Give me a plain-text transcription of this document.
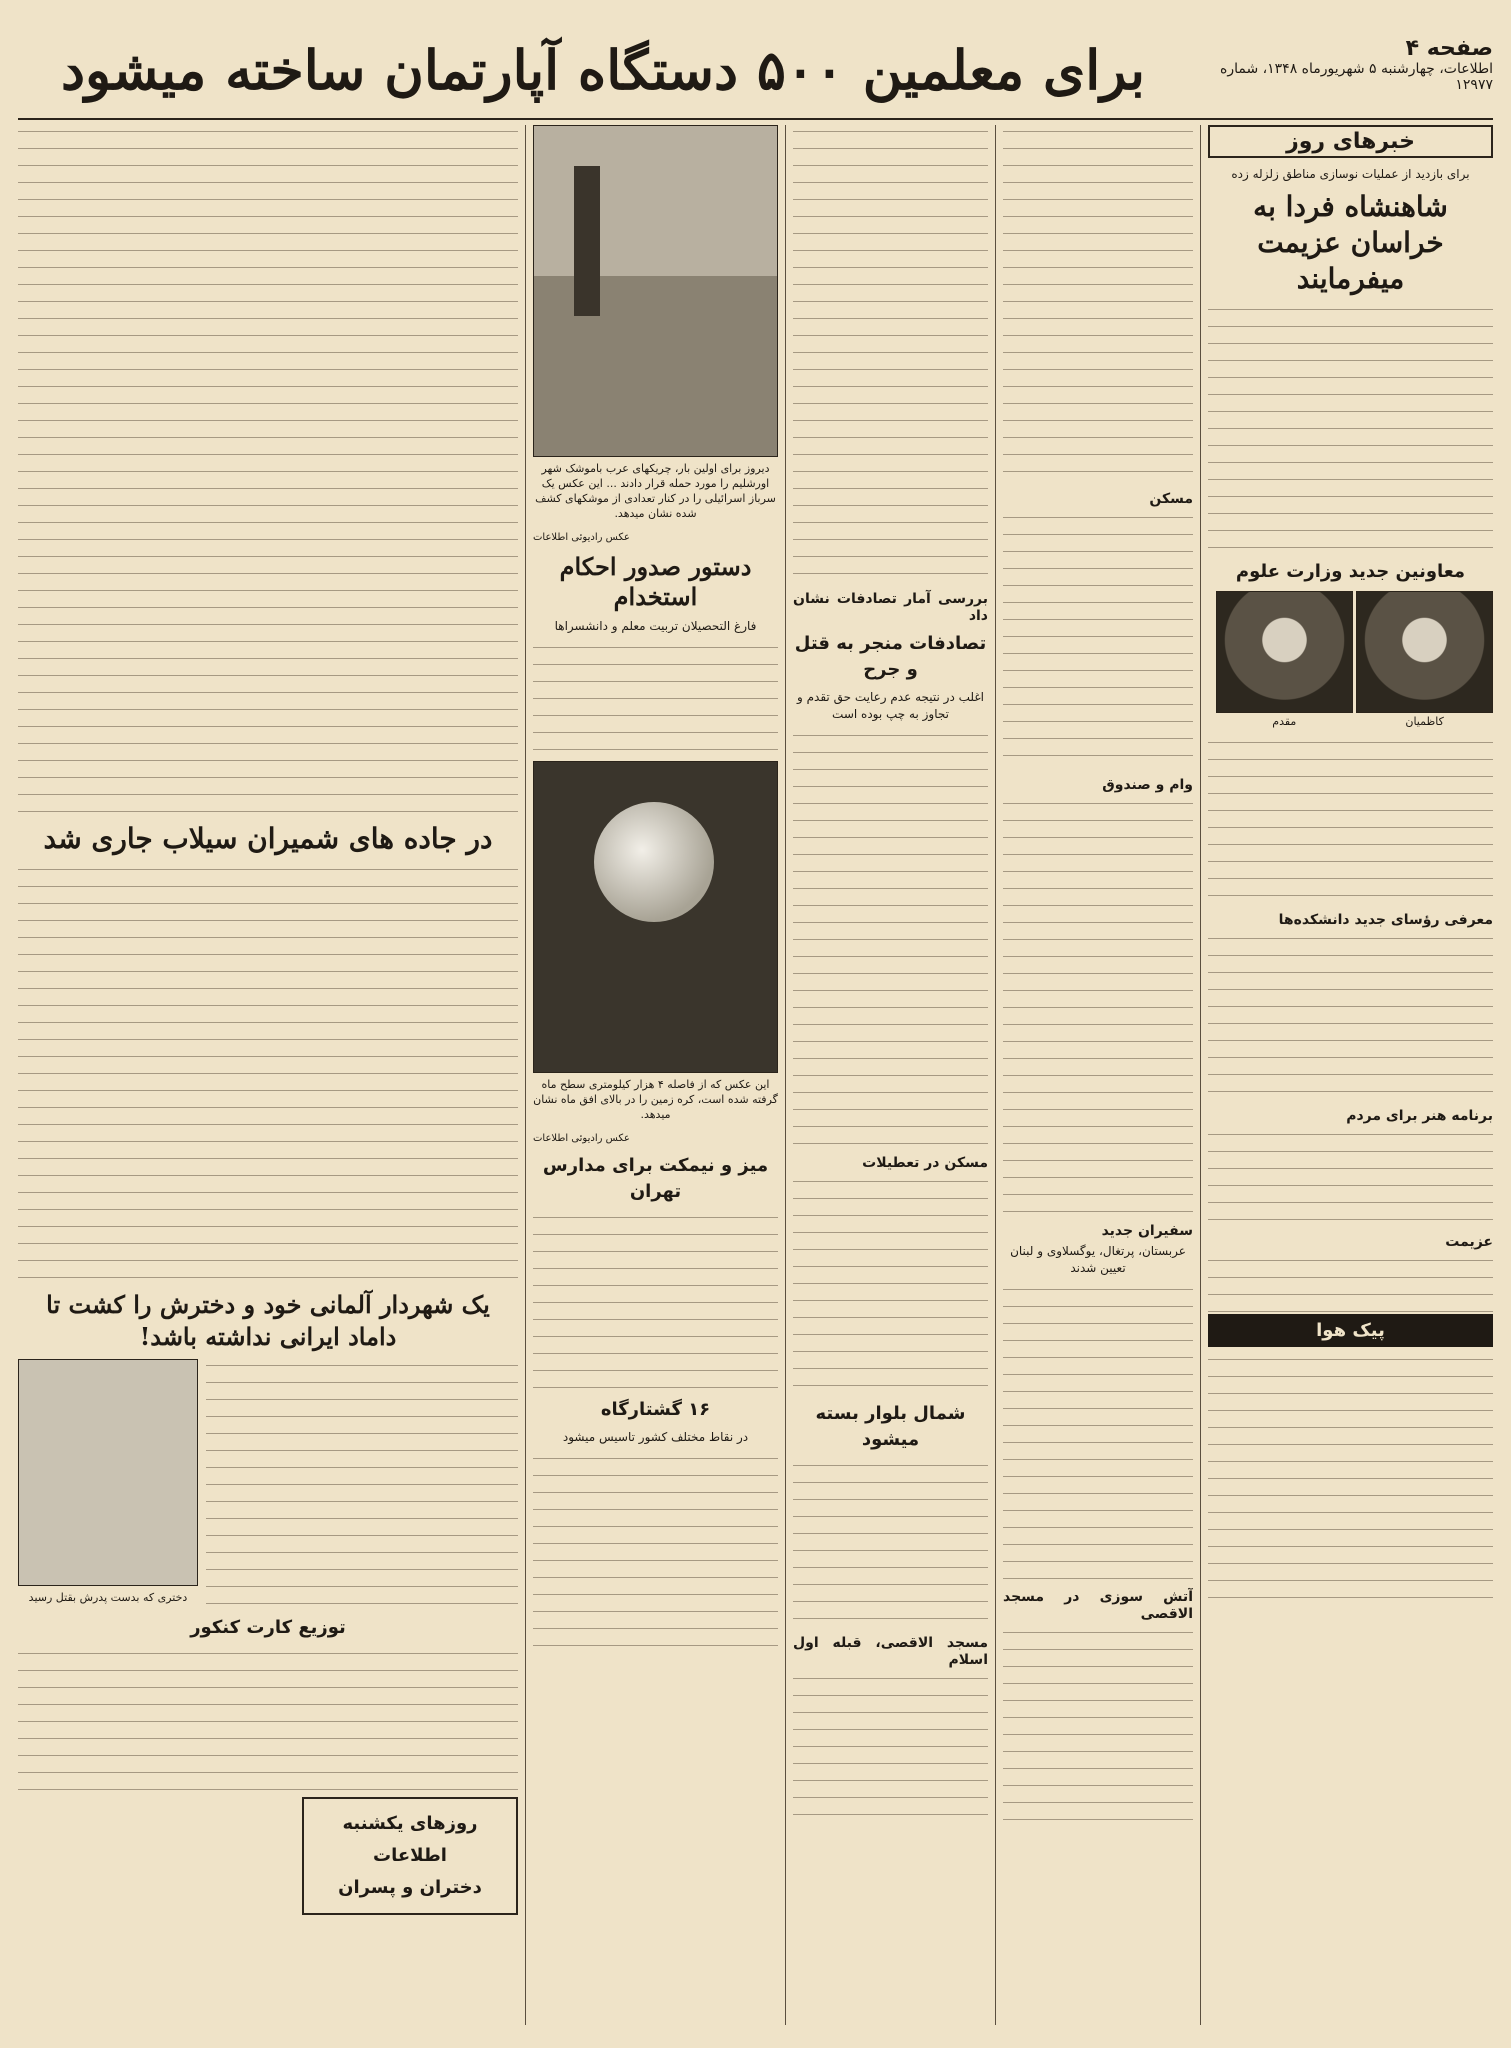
صفحه ۴
اطلاعات، چهارشنبه ۵ شهریورماه ۱۳۴۸، شماره ۱۲۹۷۷
برای معلمین ۵۰۰ دستگاه آپارتمان ساخته میشود
خبرهای روز
برای بازدید از عملیات نوسازی مناطق زلزله زده
شاهنشاه فردا به خراسان عزیمت میفرمایند
معاونین جدید وزارت علوم
کاظمیان
مقدم
معرفی رؤسای جدید دانشکده‌ها
برنامه هنر برای مردم
عزیمت
پیک هوا
مسکن
وام و صندوق
سفیران جدید
عربستان، پرتغال، یوگسلاوی و لبنان تعیین شدند
آتش سوزی در مسجد الاقصی
بررسی آمار تصادفات نشان داد
تصادفات منجر به قتل و جرح
اغلب در نتیجه عدم رعایت حق تقدم و تجاوز به چپ بوده است
مسکن در تعطیلات
شمال بلوار بسته میشود
مسجد الاقصی، قبله اول اسلام
دیروز برای اولین بار، چریکهای عرب باموشک شهر اورشلیم را مورد حمله قرار دادند ... این عکس یک سرباز اسرائیلی را در کنار تعدادی از موشکهای کشف شده نشان میدهد.
عکس رادیوئی اطلاعات
دستور صدور احکام استخدام
فارغ التحصیلان تربیت معلم و دانشسراها
این عکس که از فاصله ۴ هزار کیلومتری سطح ماه گرفته شده است، کره زمین را در بالای افق ماه نشان میدهد.
عکس رادیوئی اطلاعات
میز و نیمکت برای مدارس تهران
۱۶ گشتارگاه
در نقاط مختلف کشور تاسیس میشود
در جاده های شمیران سیلاب جاری شد
یک شهردار آلمانی خود و دخترش را کشت تا داماد ایرانی نداشته باشد!
دختری که بدست پدرش بقتل رسید
توزیع کارت کنکور
روزهای یکشنبه
اطلاعات
دختران و پسران
